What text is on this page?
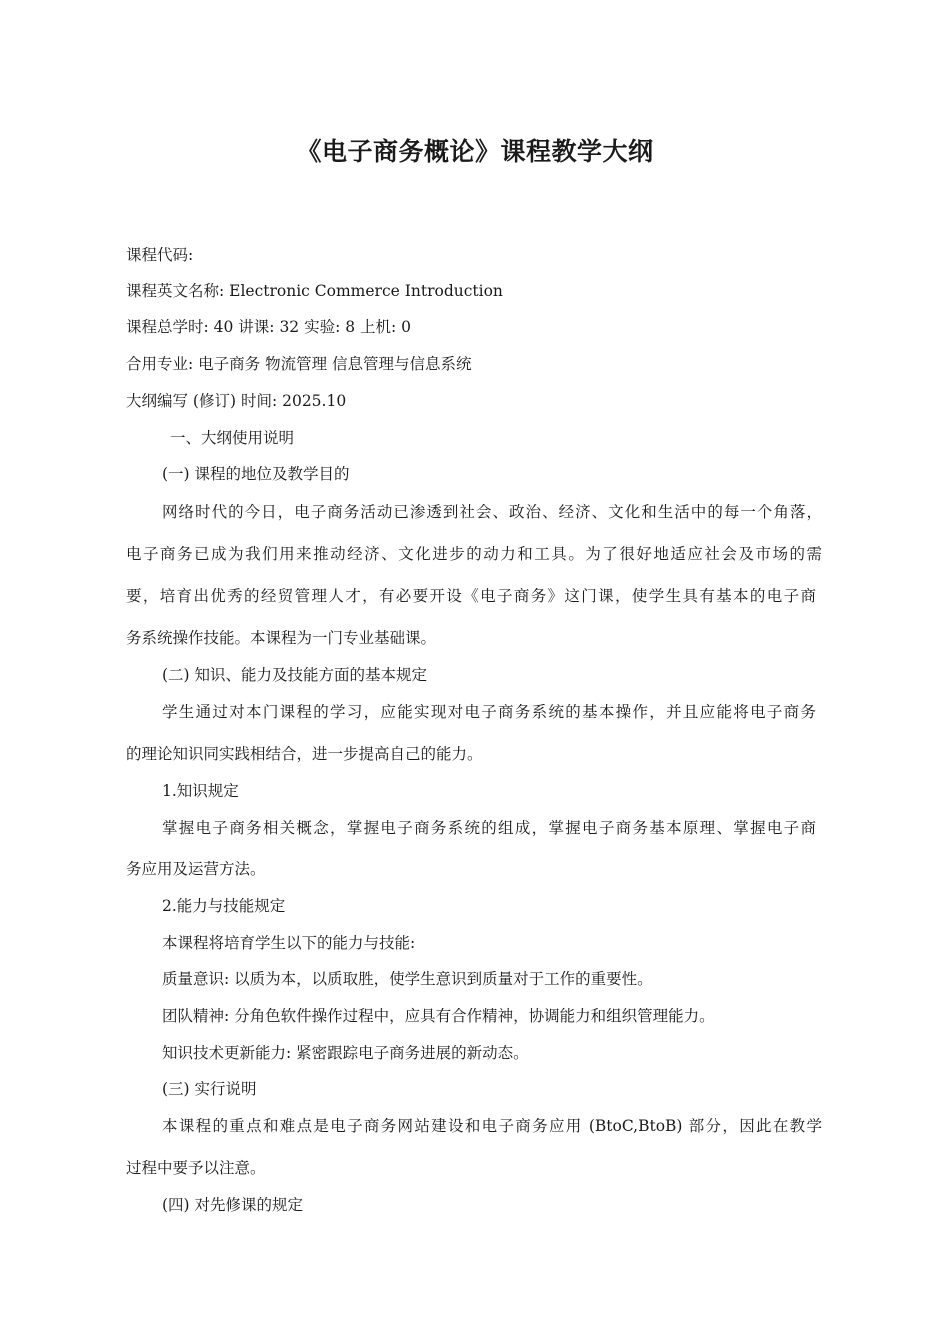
《电子商务概论》课程教学大纲
课程代码:
课程英文名称: Electronic Commerce Introduction
课程总学时: 40 讲课: 32 实验: 8 上机: 0
合用专业: 电子商务 物流管理 信息管理与信息系统
大纲编写 (修订) 时间: 2025.10
一、大纲使用说明
(一) 课程的地位及教学目的
网络时代的今日，电子商务活动已渗透到社会、政治、经济、文化和生活中的每一个角落，
电子商务已成为我们用来推动经济、文化进步的动力和工具。为了很好地适应社会及市场的需
要，培育出优秀的经贸管理人才，有必要开设《电子商务》这门课，使学生具有基本的电子商
务系统操作技能。本课程为一门专业基础课。
(二) 知识、能力及技能方面的基本规定
学生通过对本门课程的学习，应能实现对电子商务系统的基本操作，并且应能将电子商务
的理论知识同实践相结合，进一步提高自己的能力。
1.知识规定
掌握电子商务相关概念，掌握电子商务系统的组成，掌握电子商务基本原理、掌握电子商
务应用及运营方法。
2.能力与技能规定
本课程将培育学生以下的能力与技能:
质量意识: 以质为本，以质取胜，使学生意识到质量对于工作的重要性。
团队精神: 分角色软件操作过程中，应具有合作精神，协调能力和组织管理能力。
知识技术更新能力: 紧密跟踪电子商务进展的新动态。
(三) 实行说明
本课程的重点和难点是电子商务网站建设和电子商务应用 (BtoC,BtoB) 部分，因此在教学
过程中要予以注意。
(四) 对先修课的规定
